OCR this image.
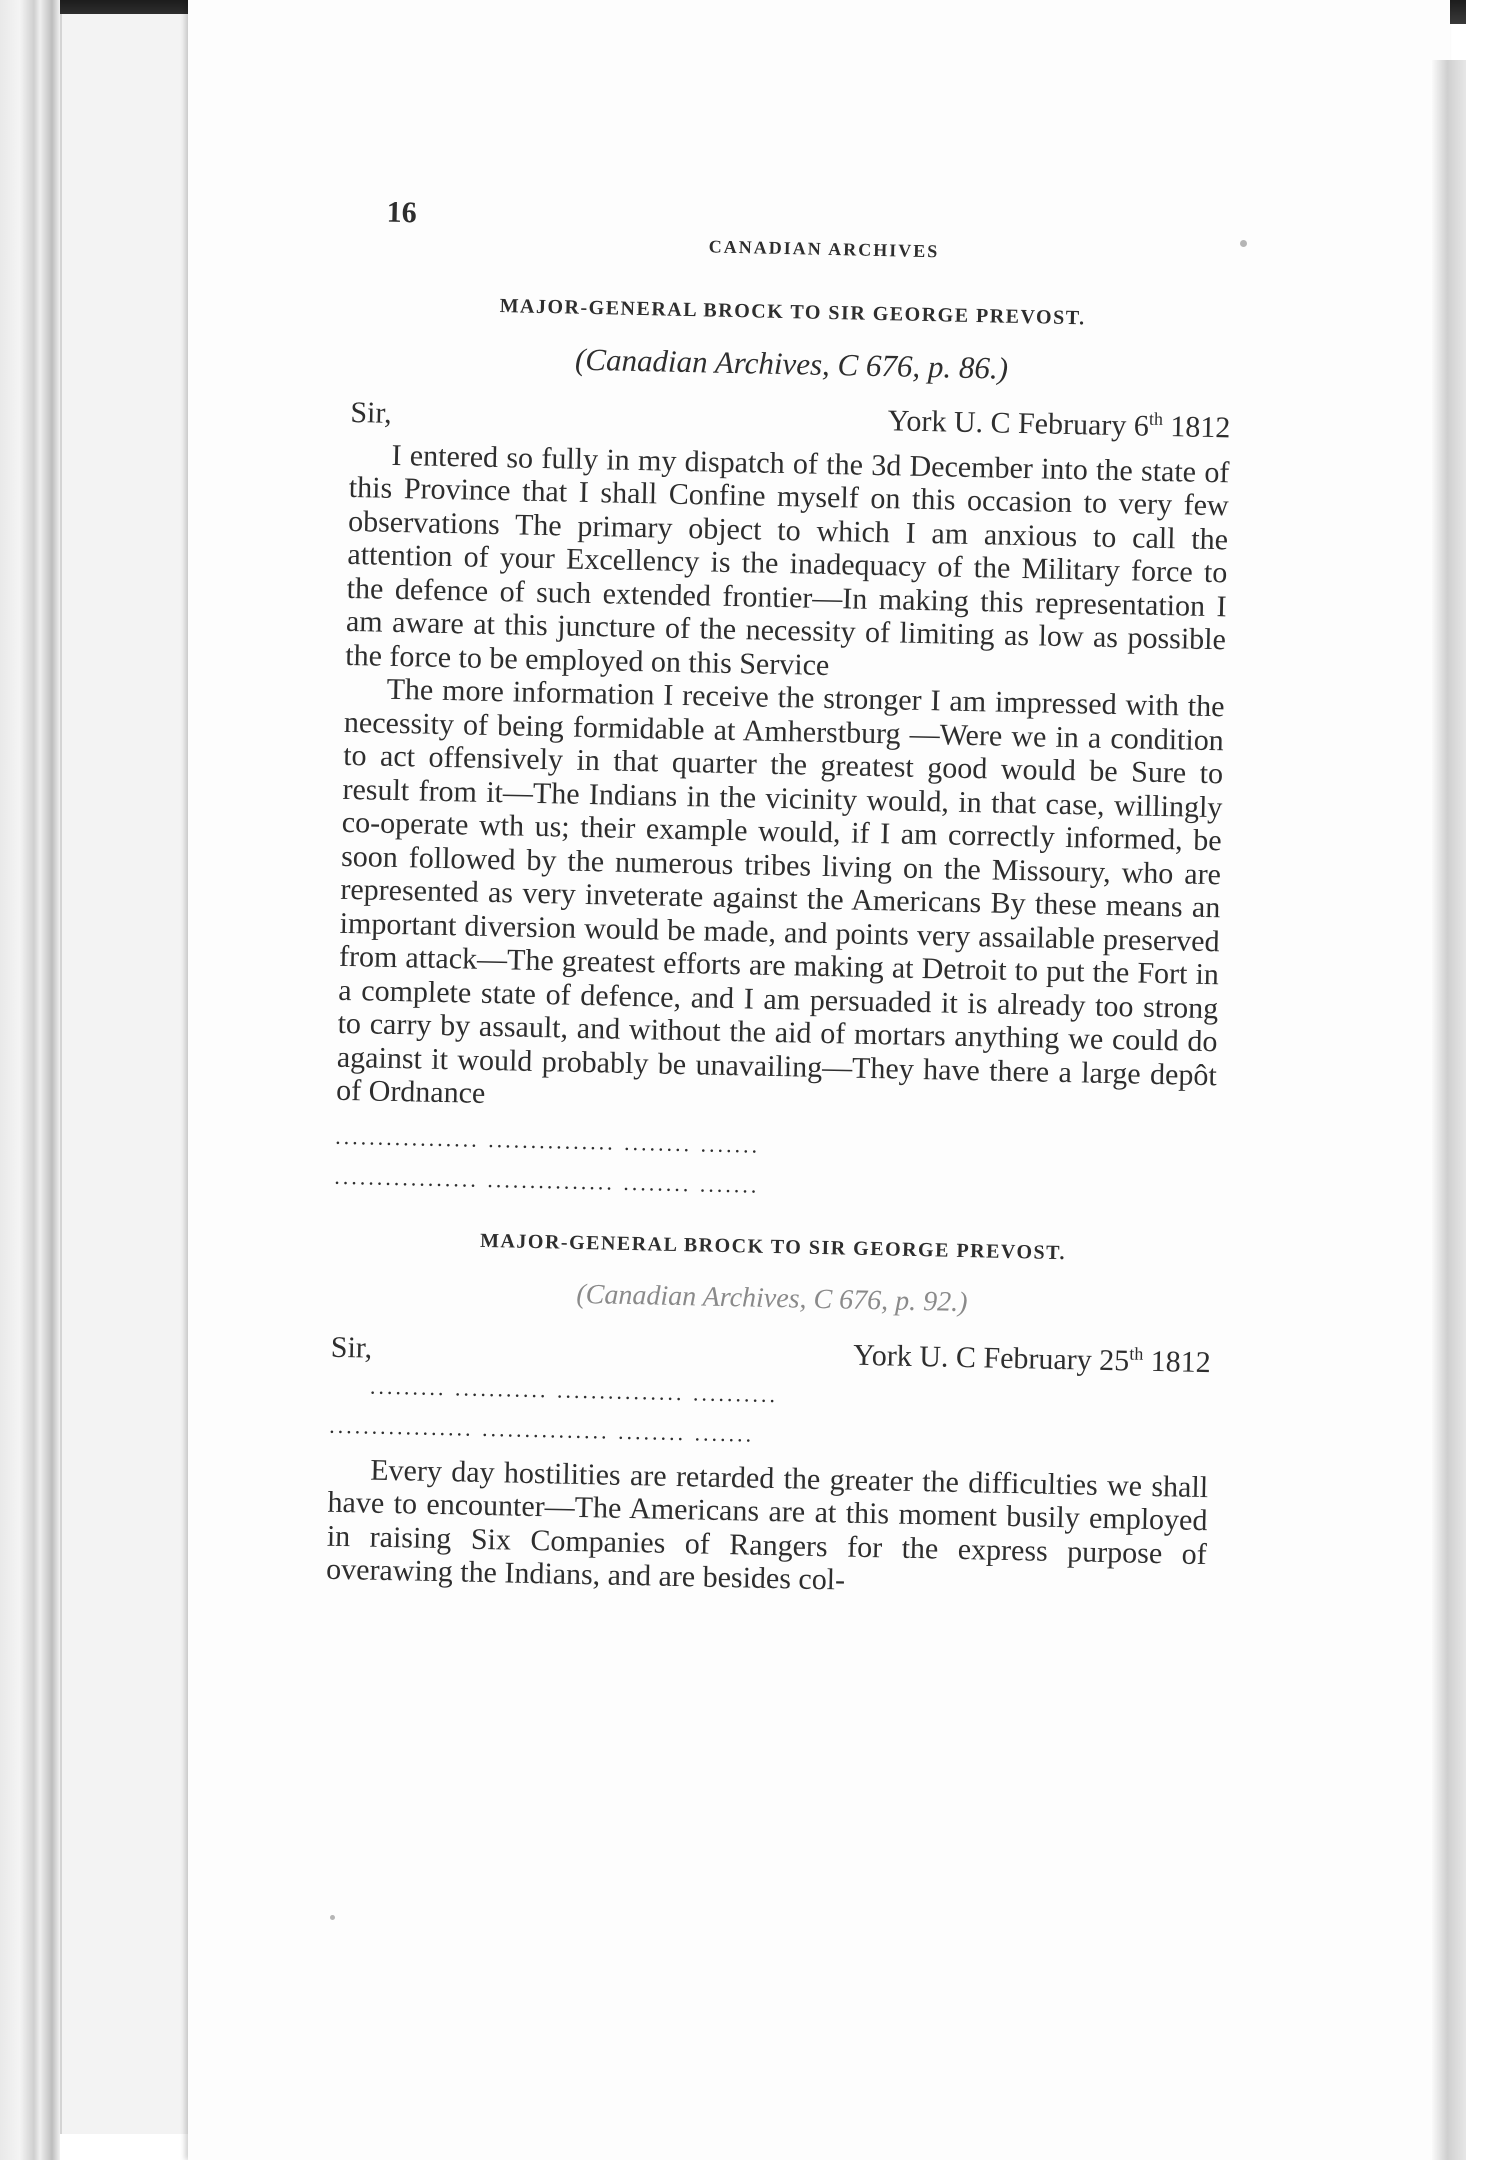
16
CANADIAN ARCHIVES
MAJOR-GENERAL BROCK TO SIR GEORGE PREVOST.
(Canadian Archives, C 676, p. 86.)
Sir,	York U. C February 6th 1812

I entered so fully in my dispatch of the 3d December into the state of this Province that I shall Confine myself on this occasion to very few observations The primary object to which I am anxious to call the attention of your Excellency is the inadequacy of the Military force to the defence of such extended frontier—In making this representation I am aware at this juncture of the necessity of limiting as low as possible the force to be employed on this Service

The more information I receive the stronger I am impressed with the necessity of being formidable at Amherstburg —Were we in a condition to act offensively in that quarter the greatest good would be Sure to result from it—The Indians in the vicinity would, in that case, willingly co-operate wth us; their example would, if I am correctly informed, be soon followed by the numerous tribes living on the Missoury, who are represented as very inveterate against the Americans By these means an important diversion would be made, and points very assailable preserved from attack—The greatest efforts are making at Detroit to put the Fort in a complete state of defence, and I am persuaded it is already too strong to carry by assault, and without the aid of mortars anything we could do against it would probably be unavailing—They have there a large depôt of Ordnance

................. ............... ........ .......
................. ............... ........ .......
MAJOR-GENERAL BROCK TO SIR GEORGE PREVOST.
(Canadian Archives, C 676, p. 92.)
Sir,	York U. C February 25th 1812
......... ........... ............... ..........
................. ............... ........ .......

Every day hostilities are retarded the greater the difficulties we shall have to encounter—The Americans are at this moment busily employed in raising Six Companies of Rangers for the express purpose of overawing the Indians, and are besides col-
